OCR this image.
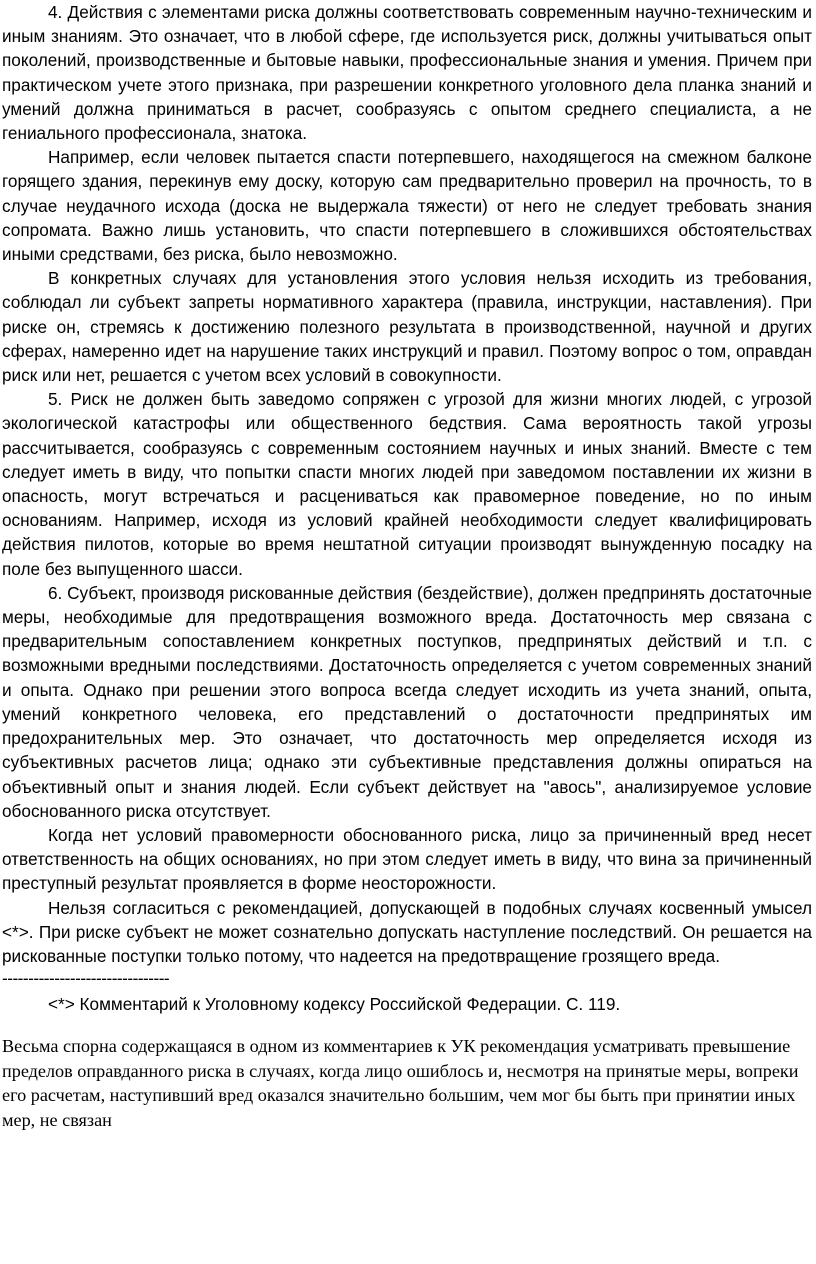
4. Действия с элементами риска должны соответствовать современным научно-техническим и иным знаниям. Это означает, что в любой сфере, где используется риск, должны учитываться опыт поколений, производственные и бытовые навыки, профессиональные знания и умения. Причем при практическом учете этого признака, при разрешении конкретного уголовного дела планка знаний и умений должна приниматься в расчет, сообразуясь с опытом среднего специалиста, а не гениального профессионала, знатока.

Например, если человек пытается спасти потерпевшего, находящегося на смежном балконе горящего здания, перекинув ему доску, которую сам предварительно проверил на прочность, то в случае неудачного исхода (доска не выдержала тяжести) от него не следует требовать знания сопромата. Важно лишь установить, что спасти потерпевшего в сложившихся обстоятельствах иными средствами, без риска, было невозможно.

В конкретных случаях для установления этого условия нельзя исходить из требования, соблюдал ли субъект запреты нормативного характера (правила, инструкции, наставления). При риске он, стремясь к достижению полезного результата в производственной, научной и других сферах, намеренно идет на нарушение таких инструкций и правил. Поэтому вопрос о том, оправдан риск или нет, решается с учетом всех условий в совокупности.

5. Риск не должен быть заведомо сопряжен с угрозой для жизни многих людей, с угрозой экологической катастрофы или общественного бедствия. Сама вероятность такой угрозы рассчитывается, сообразуясь с современным состоянием научных и иных знаний. Вместе с тем следует иметь в виду, что попытки спасти многих людей при заведомом поставлении их жизни в опасность, могут встречаться и расцениваться как правомерное поведение, но по иным основаниям. Например, исходя из условий крайней необходимости следует квалифицировать действия пилотов, которые во время нештатной ситуации производят вынужденную посадку на поле без выпущенного шасси.

6. Субъект, производя рискованные действия (бездействие), должен предпринять достаточные меры, необходимые для предотвращения возможного вреда. Достаточность мер связана с предварительным сопоставлением конкретных поступков, предпринятых действий и т.п. с возможными вредными последствиями. Достаточность определяется с учетом современных знаний и опыта. Однако при решении этого вопроса всегда следует исходить из учета знаний, опыта, умений конкретного человека, его представлений о достаточности предпринятых им предохранительных мер. Это означает, что достаточность мер определяется исходя из субъективных расчетов лица; однако эти субъективные представления должны опираться на объективный опыт и знания людей. Если субъект действует на "авось", анализируемое условие обоснованного риска отсутствует.

Когда нет условий правомерности обоснованного риска, лицо за причиненный вред несет ответственность на общих основаниях, но при этом следует иметь в виду, что вина за причиненный преступный результат проявляется в форме неосторожности.

Нельзя согласиться с рекомендацией, допускающей в подобных случаях косвенный умысел <*>. При риске субъект не может сознательно допускать наступление последствий. Он решается на рискованные поступки только потому, что надеется на предотвращение грозящего вреда.

--------------------------------

<*> Комментарий к Уголовному кодексу Российской Федерации. С. 119.

Весьма спорна содержащаяся в одном из комментариев к УК рекомендация усматривать превышение пределов оправданного риска в случаях, когда лицо ошиблось и, несмотря на принятые меры, вопреки его расчетам, наступивший вред оказался значительно большим, чем мог бы быть при принятии иных мер, не связан
